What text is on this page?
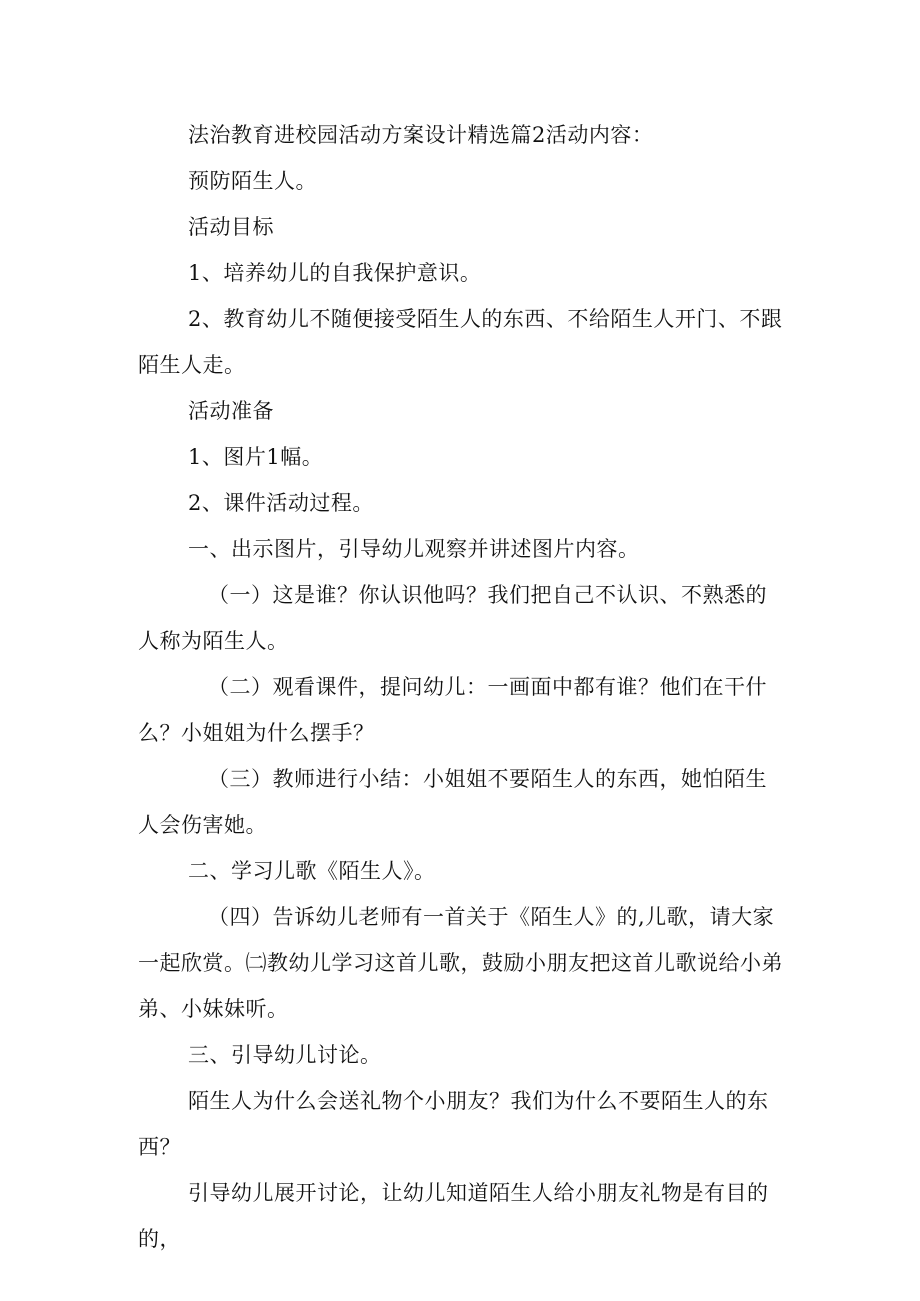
法治教育进校园活动方案设计精选篇2活动内容：

预防陌生人。

活动目标

1、培养幼儿的自我保护意识。

2、教育幼儿不随便接受陌生人的东西、不给陌生人开门、不跟陌生人走。

活动准备

1、图片1幅。

2、课件活动过程。

一、出示图片，引导幼儿观察并讲述图片内容。

（一）这是谁？你认识他吗？我们把自己不认识、不熟悉的人称为陌生人。

（二）观看课件，提问幼儿：一画面中都有谁？他们在干什么？小姐姐为什么摆手？

（三）教师进行小结：小姐姐不要陌生人的东西，她怕陌生人会伤害她。

二、学习儿歌《陌生人》。

（四）告诉幼儿老师有一首关于《陌生人》的,儿歌，请大家一起欣赏。㈡教幼儿学习这首儿歌，鼓励小朋友把这首儿歌说给小弟弟、小妹妹听。

三、引导幼儿讨论。

陌生人为什么会送礼物个小朋友？我们为什么不要陌生人的东西？

引导幼儿展开讨论，让幼儿知道陌生人给小朋友礼物是有目的的，
